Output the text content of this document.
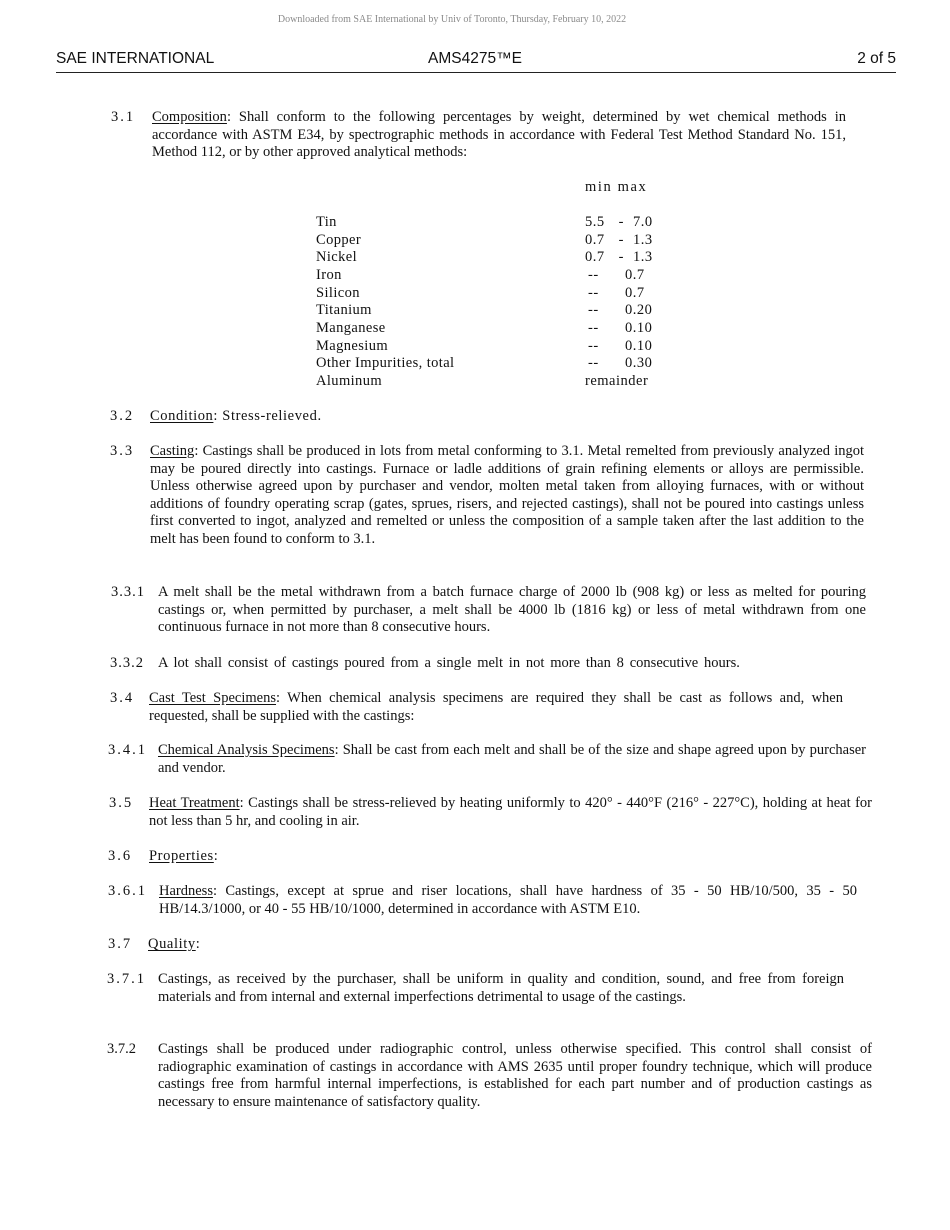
Downloaded from SAE International by Univ of Toronto, Thursday, February 10, 2022
SAE INTERNATIONAL	AMS4275™E	2 of 5
3.1 Composition: Shall conform to the following percentages by weight, determined by wet chemical methods in accordance with ASTM E34, by spectrographic methods in accordance with Federal Test Method Standard No. 151, Method 112, or by other approved analytical methods:
min max
Tin	5.5 - 7.0
Copper	0.7 - 1.3
Nickel	0.7 - 1.3
Iron	--	0.7
Silicon	--	0.7
Titanium	--	0.20
Manganese	--	0.10
Magnesium	--	0.10
Other Impurities, total	--	0.30
Aluminum	remainder
3.2 Condition: Stress-relieved.
3.3 Casting: Castings shall be produced in lots from metal conforming to 3.1. Metal remelted from previously analyzed ingot may be poured directly into castings. Furnace or ladle additions of grain refining elements or alloys are permissible. Unless otherwise agreed upon by purchaser and vendor, molten metal taken from alloying furnaces, with or without additions of foundry operating scrap (gates, sprues, risers, and rejected castings), shall not be poured into castings unless first converted to ingot, analyzed and remelted or unless the composition of a sample taken after the last addition to the melt has been found to conform to 3.1.
3.3.1 A melt shall be the metal withdrawn from a batch furnace charge of 2000 lb (908 kg) or less as melted for pouring castings or, when permitted by purchaser, a melt shall be 4000 lb (1816 kg) or less of metal withdrawn from one continuous furnace in not more than 8 consecutive hours.
3.3.2 A lot shall consist of castings poured from a single melt in not more than 8 consecutive hours.
3.4 Cast Test Specimens: When chemical analysis specimens are required they shall be cast as follows and, when requested, shall be supplied with the castings:
3.4.1 Chemical Analysis Specimens: Shall be cast from each melt and shall be of the size and shape agreed upon by purchaser and vendor.
3.5 Heat Treatment: Castings shall be stress-relieved by heating uniformly to 420° - 440°F (216° - 227°C), holding at heat for not less than 5 hr, and cooling in air.
3.6 Properties:
3.6.1 Hardness: Castings, except at sprue and riser locations, shall have hardness of 35 - 50 HB/10/500, 35 - 50 HB/14.3/1000, or 40 - 55 HB/10/1000, determined in accordance with ASTM E10.
3.7 Quality:
3.7.1 Castings, as received by the purchaser, shall be uniform in quality and condition, sound, and free from foreign materials and from internal and external imperfections detrimental to usage of the castings.
3.7.2 Castings shall be produced under radiographic control, unless otherwise specified. This control shall consist of radiographic examination of castings in accordance with AMS 2635 until proper foundry technique, which will produce castings free from harmful internal imperfections, is established for each part number and of production castings as necessary to ensure maintenance of satisfactory quality.
